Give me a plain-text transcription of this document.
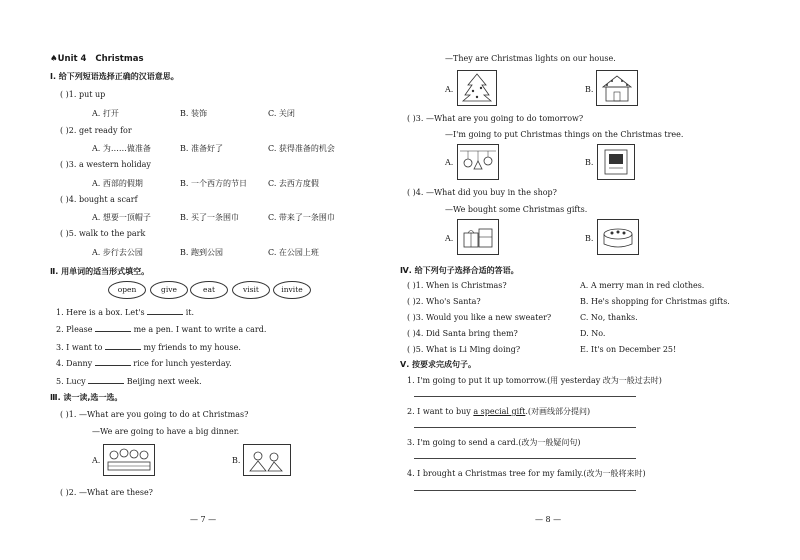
♠Unit 4 Christmas
Ⅰ. 给下列短语选择正确的汉语意思。
( )1. put up
A. 打开	B. 装饰	C. 关闭
( )2. get ready for
A. 为……做准备	B. 准备好了	C. 获得准备的机会
( )3. a western holiday
A. 西部的假期	B. 一个西方的节日	C. 去西方度假
( )4. bought a scarf
A. 想要一顶帽子	B. 买了一条围巾	C. 带来了一条围巾
( )5. walk to the park
A. 步行去公园	B. 跑到公园	C. 在公园上班
Ⅱ. 用单词的适当形式填空。
open	give	eat	visit	invite
1. Here is a box. Let's	it.
2. Please	me a pen. I want to write a card.
3. I want to	my friends to my house.
4. Danny	rice for lunch yesterday.
5. Lucy	Beijing next week.
Ⅲ. 读一读,选一选。
( )1. —What are you going to do at Christmas?
—We are going to have a big dinner.
A.	B.
( )2. —What are these?
— 7 —
—They are Christmas lights on our house.
A.	B.
( )3. —What are you going to do tomorrow?
—I'm going to put Christmas things on the Christmas tree.
A.	B.
( )4. —What did you buy in the shop?
—We bought some Christmas gifts.
A.	B.
Ⅳ. 给下列句子选择合适的答语。
( )1. When is Christmas?	A. A merry man in red clothes.
( )2. Who's Santa?	B. He's shopping for Christmas gifts.
( )3. Would you like a new sweater?	C. No, thanks.
( )4. Did Santa bring them?	D. No.
( )5. What is Li Ming doing?	E. It's on December 25!
Ⅴ. 按要求完成句子。
1. I'm going to put it up tomorrow.(用 yesterday 改为一般过去时)
2. I want to buy a special gift.(对画线部分提问)
3. I'm going to send a card.(改为一般疑问句)
4. I brought a Christmas tree for my family.(改为一般将来时)
— 8 —
